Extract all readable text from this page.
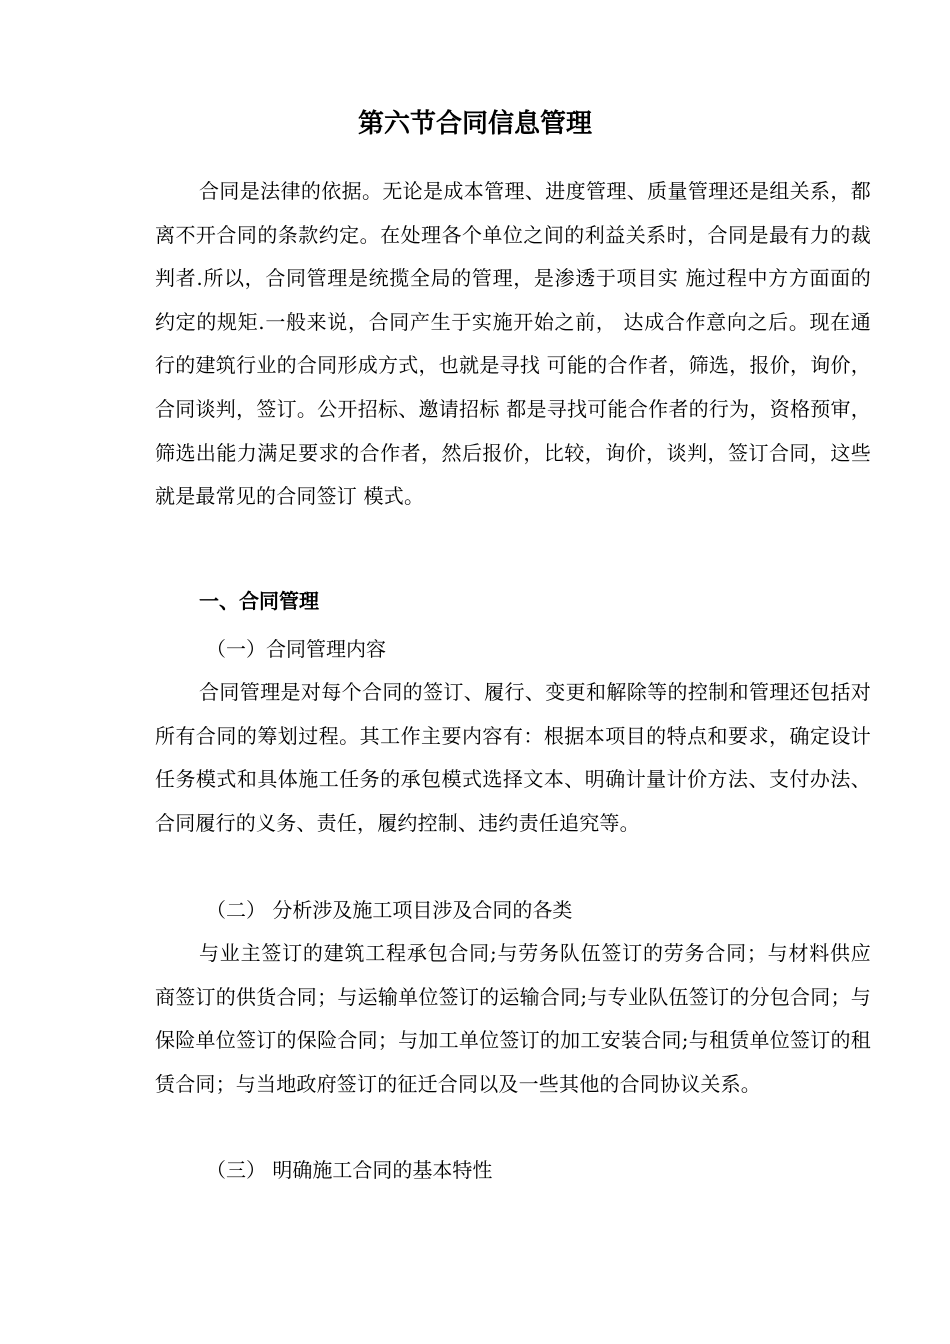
第六节合同信息管理

合同是法律的依据。无论是成本管理、进度管理、质量管理还是组关系，都离不开合同的条款约定。在处理各个单位之间的利益关系时，合同是最有力的裁判者.所以，合同管理是统揽全局的管理，是渗透于项目实 施过程中方方面面的约定的规矩.一般来说，合同产生于实施开始之前， 达成合作意向之后。现在通行的建筑行业的合同形成方式，也就是寻找 可能的合作者，筛选，报价，询价，合同谈判，签订。公开招标、邀请招标 都是寻找可能合作者的行为，资格预审，筛选出能力满足要求的合作者，然后报价，比较，询价，谈判，签订合同，这些就是最常见的合同签订 模式。

一、合同管理

（一）合同管理内容

合同管理是对每个合同的签订、履行、变更和解除等的控制和管理还包括对所有合同的筹划过程。其工作主要内容有：根据本项目的特点和要求，确定设计任务模式和具体施工任务的承包模式选择文本、明确计量计价方法、支付办法、合同履行的义务、责任，履约控制、违约责任追究等。

（二） 分析涉及施工项目涉及合同的各类

与业主签订的建筑工程承包合同;与劳务队伍签订的劳务合同；与材料供应商签订的供货合同；与运输单位签订的运输合同;与专业队伍签订的分包合同；与保险单位签订的保险合同；与加工单位签订的加工安装合同;与租赁单位签订的租赁合同；与当地政府签订的征迁合同以及一些其他的合同协议关系。

（三） 明确施工合同的基本特性
